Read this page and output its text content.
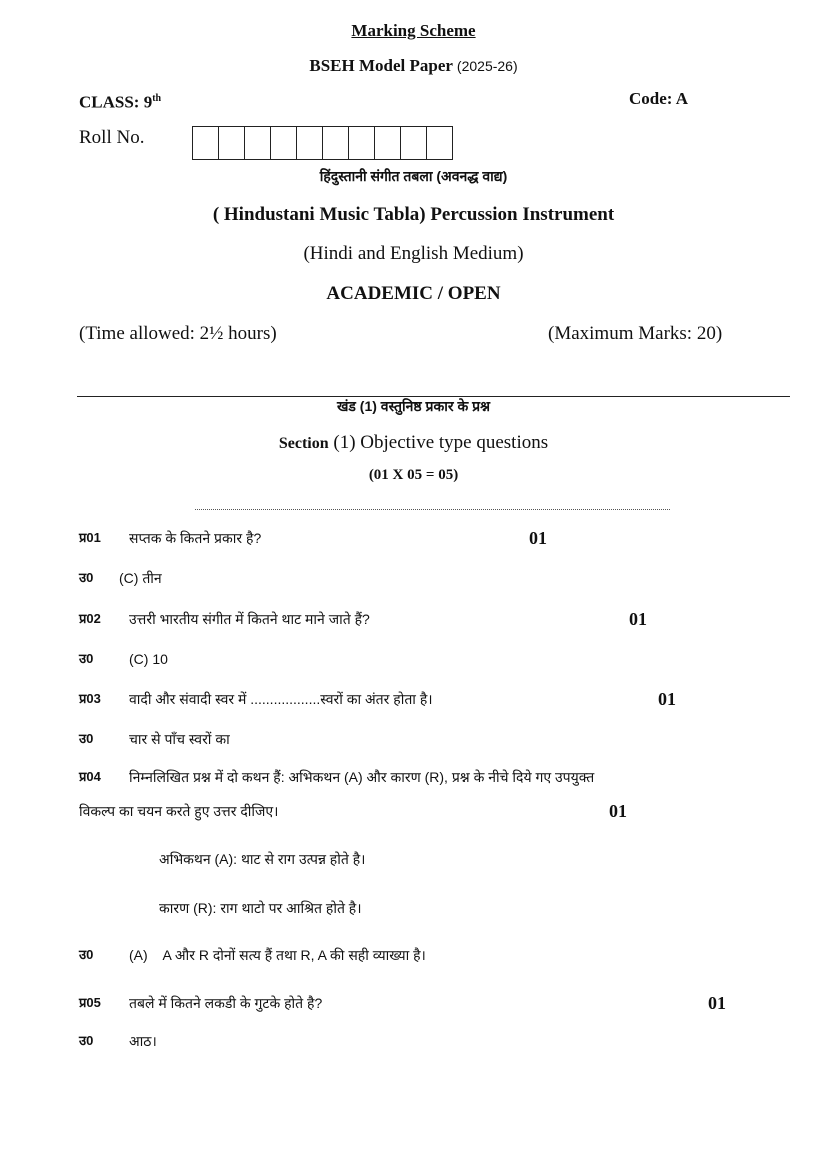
Marking Scheme
BSEH Model Paper (2025-26)
CLASS: 9th	Code: A
Roll No.
हिंदुस्तानी संगीत तबला (अवनद्ध वाद्य)
( Hindustani Music Tabla) Percussion Instrument
(Hindi and English Medium)
ACADEMIC / OPEN
(Time allowed: 2½ hours)	(Maximum Marks: 20)
खंड (1) वस्तुनिष्ठ प्रकार के प्रश्न
Section (1) Objective type questions
(01 X 05 = 05)
प्र01 सप्तक के कितने प्रकार है?	01
उ0 (C) तीन
प्र02 उत्तरी भारतीय संगीत में कितने थाट माने जाते हैं?	01
उ0	(C) 10
प्र03 वादी और संवादी स्वर में ..................स्वरों का अंतर होता है।	01
उ0	चार से पाँच स्वरों का
प्र04 निम्नलिखित प्रश्न में दो कथन हैं: अभिकथन (A) और कारण (R), प्रश्न के नीचे दिये गए उपयुक्त
विकल्प का चयन करते हुए उत्तर दीजिए।	01
अभिकथन (A): थाट से राग उत्पन्न होते है।
कारण (R): राग थाटो पर आश्रित होते है।
उ0	(A)    A और R दोनों सत्य हैं तथा R, A की सही व्याख्या है।
प्र05 तबले में कितने लकडी के गुटके होते है?	01
उ0	आठ।
